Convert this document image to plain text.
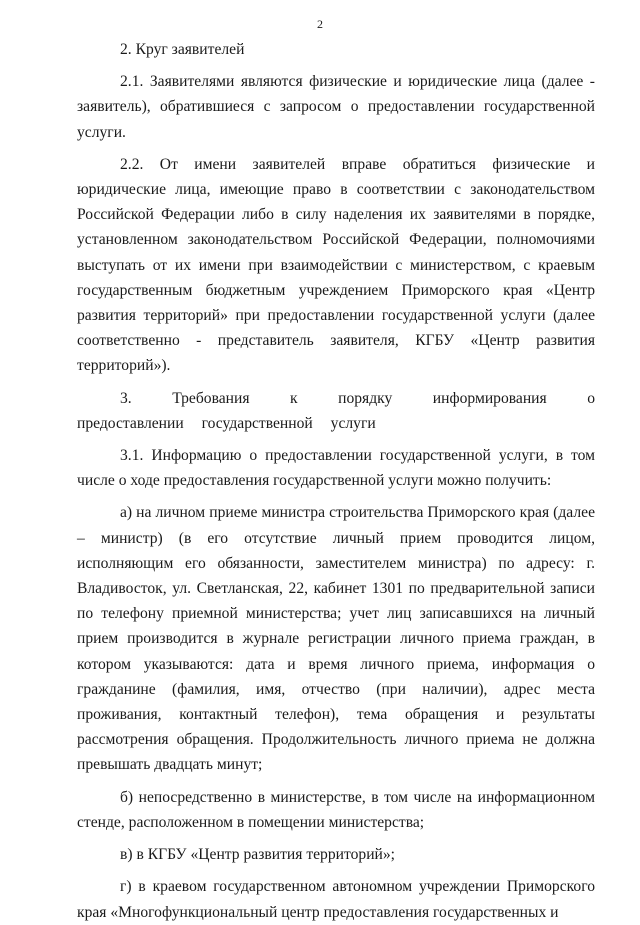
2

2. Круг заявителей

2.1. Заявителями являются физические и юридические лица (далее - заявитель), обратившиеся с запросом о предоставлении государственной услуги.

2.2. От имени заявителей вправе обратиться физические и юридические лица, имеющие право в соответствии с законодательством Российской Федерации либо в силу наделения их заявителями в порядке, установленном законодательством Российской Федерации, полномочиями выступать от их имени при взаимодействии с министерством, с краевым государственным бюджетным учреждением Приморского края «Центр развития территорий» при предоставлении государственной услуги (далее соответственно - представитель заявителя, КГБУ «Центр развития территорий»).

3. Требования к порядку информирования о предоставлении государственной услуги

3.1. Информацию о предоставлении государственной услуги, в том числе о ходе предоставления государственной услуги можно получить:

а) на личном приеме министра строительства Приморского края (далее – министр) (в его отсутствие личный прием проводится лицом, исполняющим его обязанности, заместителем министра) по адресу: г. Владивосток, ул. Светланская, 22, кабинет 1301 по предварительной записи по телефону приемной министерства; учет лиц записавшихся на личный прием производится в журнале регистрации личного приема граждан, в котором указываются: дата и время личного приема, информация о гражданине (фамилия, имя, отчество (при наличии), адрес места проживания, контактный телефон), тема обращения и результаты рассмотрения обращения. Продолжительность личного приема не должна превышать двадцать минут;

б) непосредственно в министерстве, в том числе на информационном стенде, расположенном в помещении министерства;

в) в КГБУ «Центр развития территорий»;

г) в краевом государственном автономном учреждении Приморского края «Многофункциональный центр предоставления государственных и
